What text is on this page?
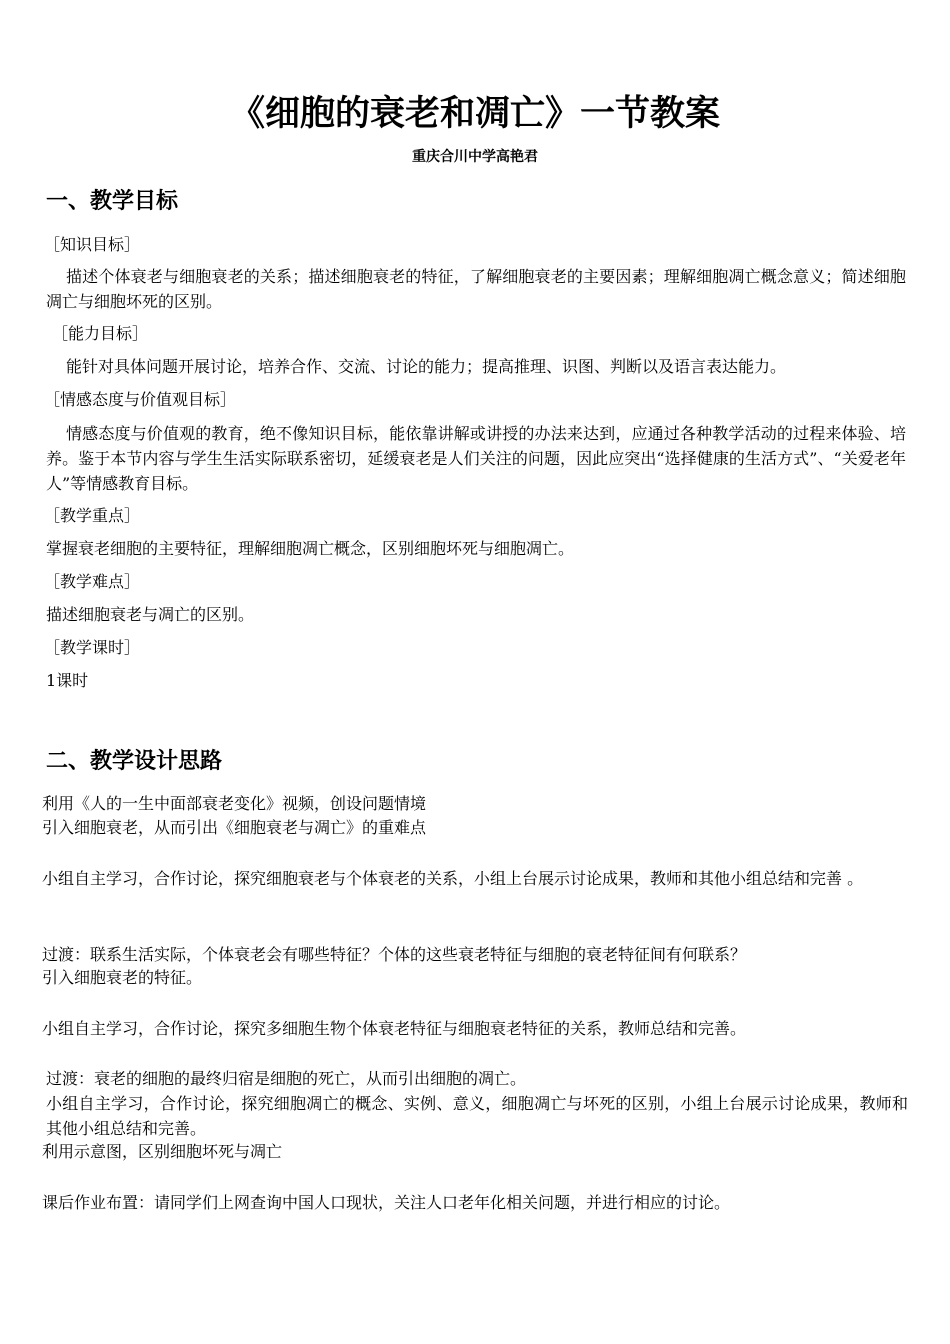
《细胞的衰老和凋亡》一节教案
重庆合川中学高艳君
一、教学目标
［知识目标］
描述个体衰老与细胞衰老的关系；描述细胞衰老的特征，了解细胞衰老的主要因素；理解细胞凋亡概念意义；简述细胞凋亡与细胞坏死的区别。
［能力目标］
能针对具体问题开展讨论，培养合作、交流、讨论的能力；提高推理、识图、判断以及语言表达能力。
［情感态度与价值观目标］
情感态度与价值观的教育，绝不像知识目标，能依靠讲解或讲授的办法来达到，应通过各种教学活动的过程来体验、培养。鉴于本节内容与学生生活实际联系密切，延缓衰老是人们关注的问题，因此应突出“选择健康的生活方式”、“关爱老年人”等情感教育目标。
［教学重点］
掌握衰老细胞的主要特征，理解细胞凋亡概念，区别细胞坏死与细胞凋亡。
［教学难点］
描述细胞衰老与凋亡的区别。
［教学课时］
1课时
二、教学设计思路
利用《人的一生中面部衰老变化》视频，创设问题情境
引入细胞衰老，从而引出《细胞衰老与凋亡》的重难点
小组自主学习，合作讨论，探究细胞衰老与个体衰老的关系，小组上台展示讨论成果，教师和其他小组总结和完善 。
过渡：联系生活实际，个体衰老会有哪些特征？个体的这些衰老特征与细胞的衰老特征间有何联系？
引入细胞衰老的特征。
小组自主学习，合作讨论，探究多细胞生物个体衰老特征与细胞衰老特征的关系，教师总结和完善。
过渡：衰老的细胞的最终归宿是细胞的死亡，从而引出细胞的凋亡。
小组自主学习，合作讨论，探究细胞凋亡的概念、实例、意义，细胞凋亡与坏死的区别，小组上台展示讨论成果，教师和其他小组总结和完善。
利用示意图，区别细胞坏死与凋亡
课后作业布置：请同学们上网查询中国人口现状，关注人口老年化相关问题，并进行相应的讨论。
